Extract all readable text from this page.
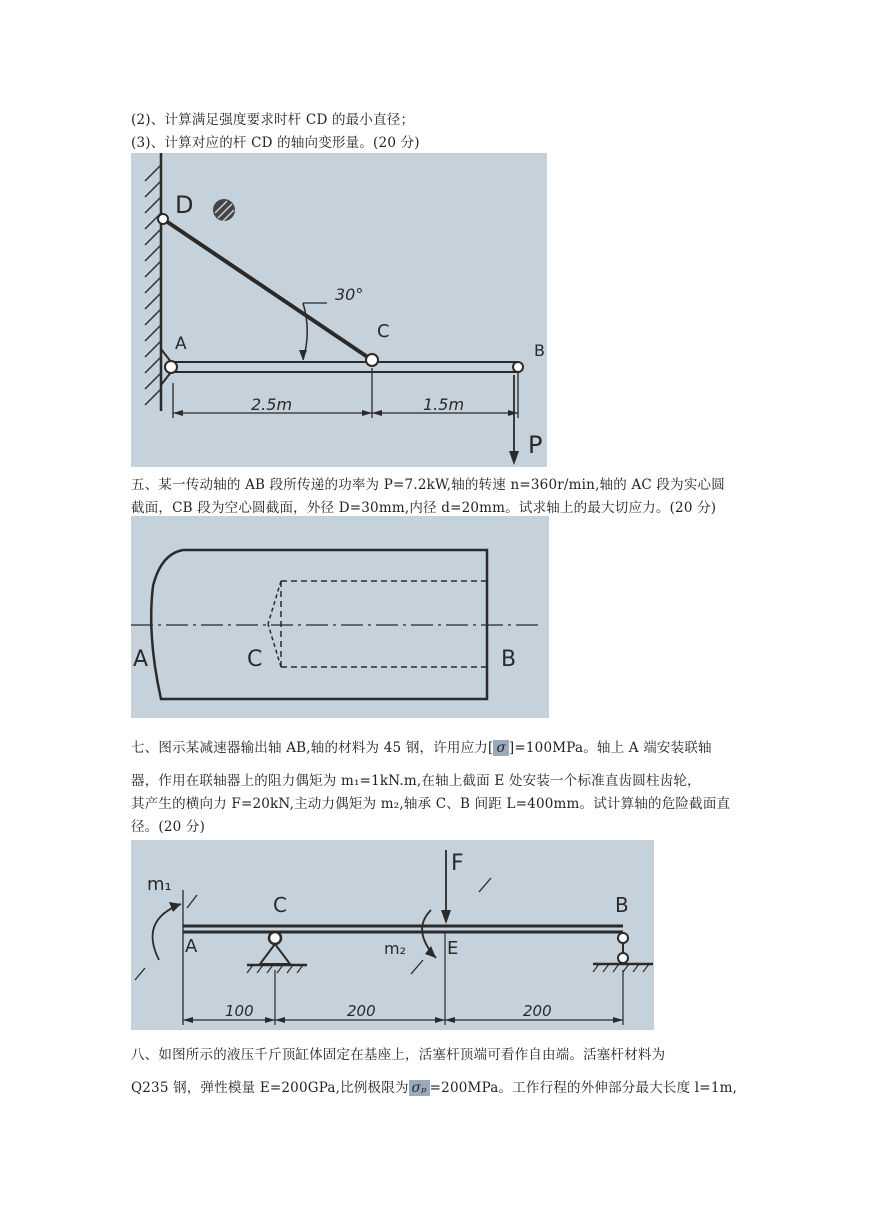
(2)、计算满足强度要求时杆 CD 的最小直径；
(3)、计算对应的杆 CD 的轴向变形量。(20 分)
D
A
C
B
P
30°
2.5m	1.5m
五、某一传动轴的 AB 段所传递的功率为 P=7.2kW,轴的转速 n=360r/min,轴的 AC 段为实心圆
截面，CB 段为空心圆截面，外径 D=30mm,内径 d=20mm。试求轴上的最大切应力。(20 分)
A	C	B
七、图示某减速器输出轴 AB,轴的材料为 45 钢，许用应力[ σ ]=100MPa。轴上 A 端安装联轴
器，作用在联轴器上的阻力偶矩为 m₁=1kN.m,在轴上截面 E 处安装一个标准直齿圆柱齿轮，
其产生的横向力 F=20kN,主动力偶矩为 m₂,轴承 C、B 间距 L=400mm。试计算轴的危险截面直
径。(20 分)
m₁
m₂
F
A
C
E
B
100	200	200
八、如图所示的液压千斤顶缸体固定在基座上，活塞杆顶端可看作自由端。活塞杆材料为
Q235 钢，弹性模量 E=200GPa,比例极限为 σₚ =200MPa。工作行程的外伸部分最大长度 l=1m,
